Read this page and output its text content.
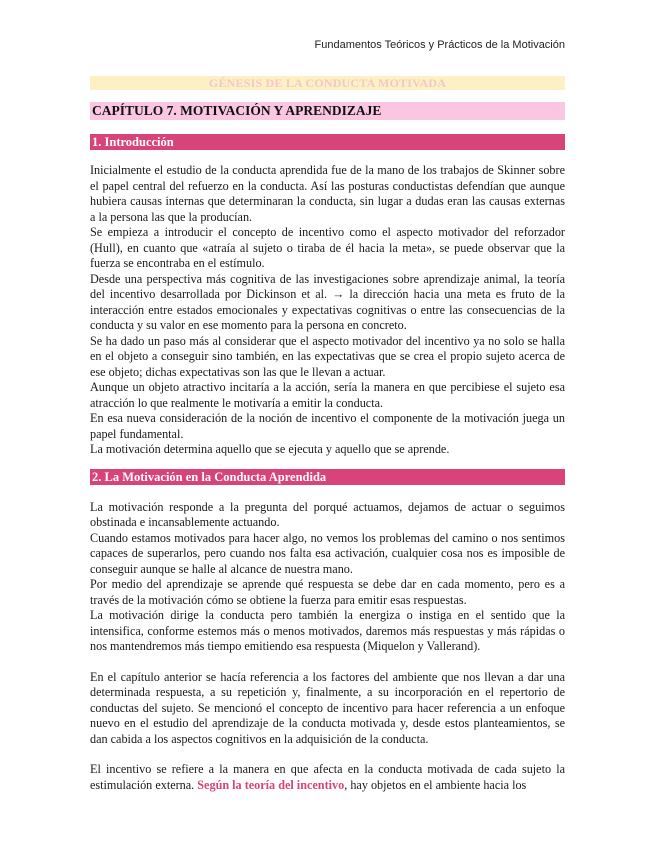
Fundamentos Teóricos y Prácticos de la Motivación
GÉNESIS DE LA CONDUCTA MOTIVADA
CAPÍTULO 7. MOTIVACIÓN Y APRENDIZAJE
1. Introducción

Inicialmente el estudio de la conducta aprendida fue de la mano de los trabajos de Skinner sobre el papel central del refuerzo en la conducta. Así las posturas conductistas defendían que aunque hubiera causas internas que determinaran la conducta, sin lugar a dudas eran las causas externas a la persona las que la producían.

Se empieza a introducir el concepto de incentivo como el aspecto motivador del reforzador (Hull), en cuanto que «atraía al sujeto o tiraba de él hacia la meta», se puede observar que la fuerza se encontraba en el estímulo.

Desde una perspectiva más cognitiva de las investigaciones sobre aprendizaje animal, la teoría del incentivo desarrollada por Dickinson et al. → la dirección hacia una meta es fruto de la interacción entre estados emocionales y expectativas cognitivas o entre las consecuencias de la conducta y su valor en ese momento para la persona en concreto.

Se ha dado un paso más al considerar que el aspecto motivador del incentivo ya no solo se halla en el objeto a conseguir sino también, en las expectativas que se crea el propio sujeto acerca de ese objeto; dichas expectativas son las que le llevan a actuar.

Aunque un objeto atractivo incitaría a la acción, sería la manera en que percibiese el sujeto esa atracción lo que realmente le motivaría a emitir la conducta.

En esa nueva consideración de la noción de incentivo el componente de la motivación juega un papel fundamental.

La motivación determina aquello que se ejecuta y aquello que se aprende.

2. La Motivación en la Conducta Aprendida

La motivación responde a la pregunta del porqué actuamos, dejamos de actuar o seguimos obstinada e incansablemente actuando.

Cuando estamos motivados para hacer algo, no vemos los problemas del camino o nos sentimos capaces de superarlos, pero cuando nos falta esa activación, cualquier cosa nos es imposible de conseguir aunque se halle al alcance de nuestra mano.

Por medio del aprendizaje se aprende qué respuesta se debe dar en cada momento, pero es a través de la motivación cómo se obtiene la fuerza para emitir esas respuestas.

La motivación dirige la conducta pero también la energiza o instiga en el sentido que la intensifica, conforme estemos más o menos motivados, daremos más respuestas y más rápidas o nos mantendremos más tiempo emitiendo esa respuesta (Miquelon y Vallerand).

En el capítulo anterior se hacía referencia a los factores del ambiente que nos llevan a dar una determinada respuesta, a su repetición y, finalmente, a su incorporación en el repertorio de conductas del sujeto. Se mencionó el concepto de incentivo para hacer referencia a un enfoque nuevo en el estudio del aprendizaje de la conducta motivada y, desde estos planteamientos, se dan cabida a los aspectos cognitivos en la adquisición de la conducta.

El incentivo se refiere a la manera en que afecta en la conducta motivada de cada sujeto la estimulación externa. Según la teoría del incentivo, hay objetos en el ambiente hacia los
